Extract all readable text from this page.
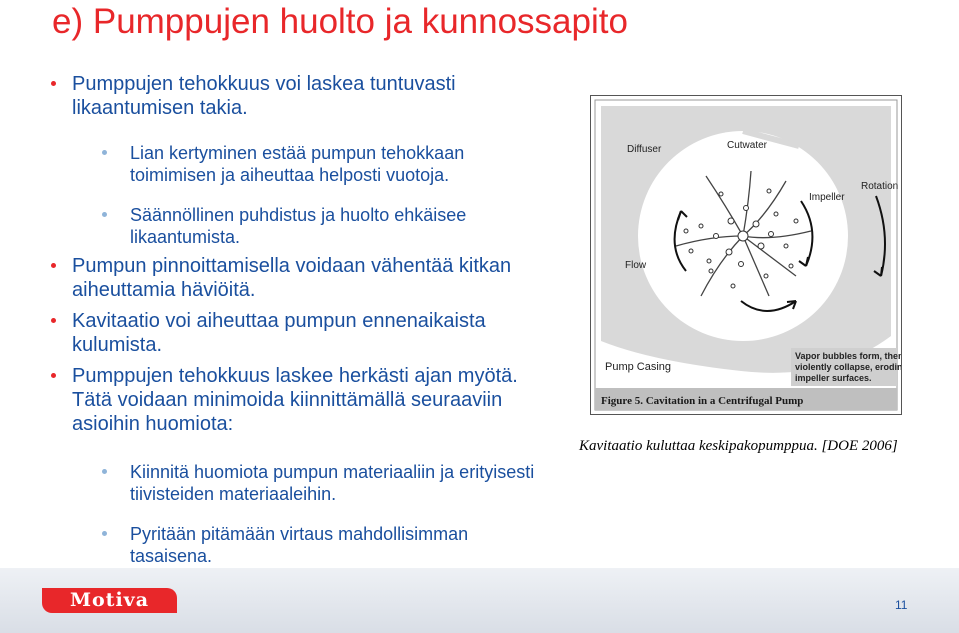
e) Pumppujen huolto ja kunnossapito

Pumppujen tehokkuus voi laskea tuntuvasti likaantumisen takia.

Lian kertyminen estää pumpun tehokkaan toimimisen ja aiheuttaa helposti vuotoja.

Säännöllinen puhdistus ja huolto ehkäisee likaantumista.

Pumpun pinnoittamisella voidaan vähentää kitkan aiheuttamia häviöitä.

Kavitaatio voi aiheuttaa pumpun ennenaikaista kulumista.

Pumppujen tehokkuus laskee herkästi ajan myötä. Tätä voidaan minimoida kiinnittämällä seuraaviin asioihin huomiota:

Kiinnitä huomiota pumpun materiaaliin ja erityisesti tiivisteiden materiaaleihin.

Pyritään pitämään virtaus mahdollisimman tasaisena.

Diffuser	Cutwater
Impeller
Rotation
Flow
Pump Casing
Vapor bubbles form, then
violently collapse, eroding
impeller surfaces.
Figure 5. Cavitation in a Centrifugal Pump
Kavitaatio kuluttaa keskipakopumppua. [DOE 2006]
Motiva	11
